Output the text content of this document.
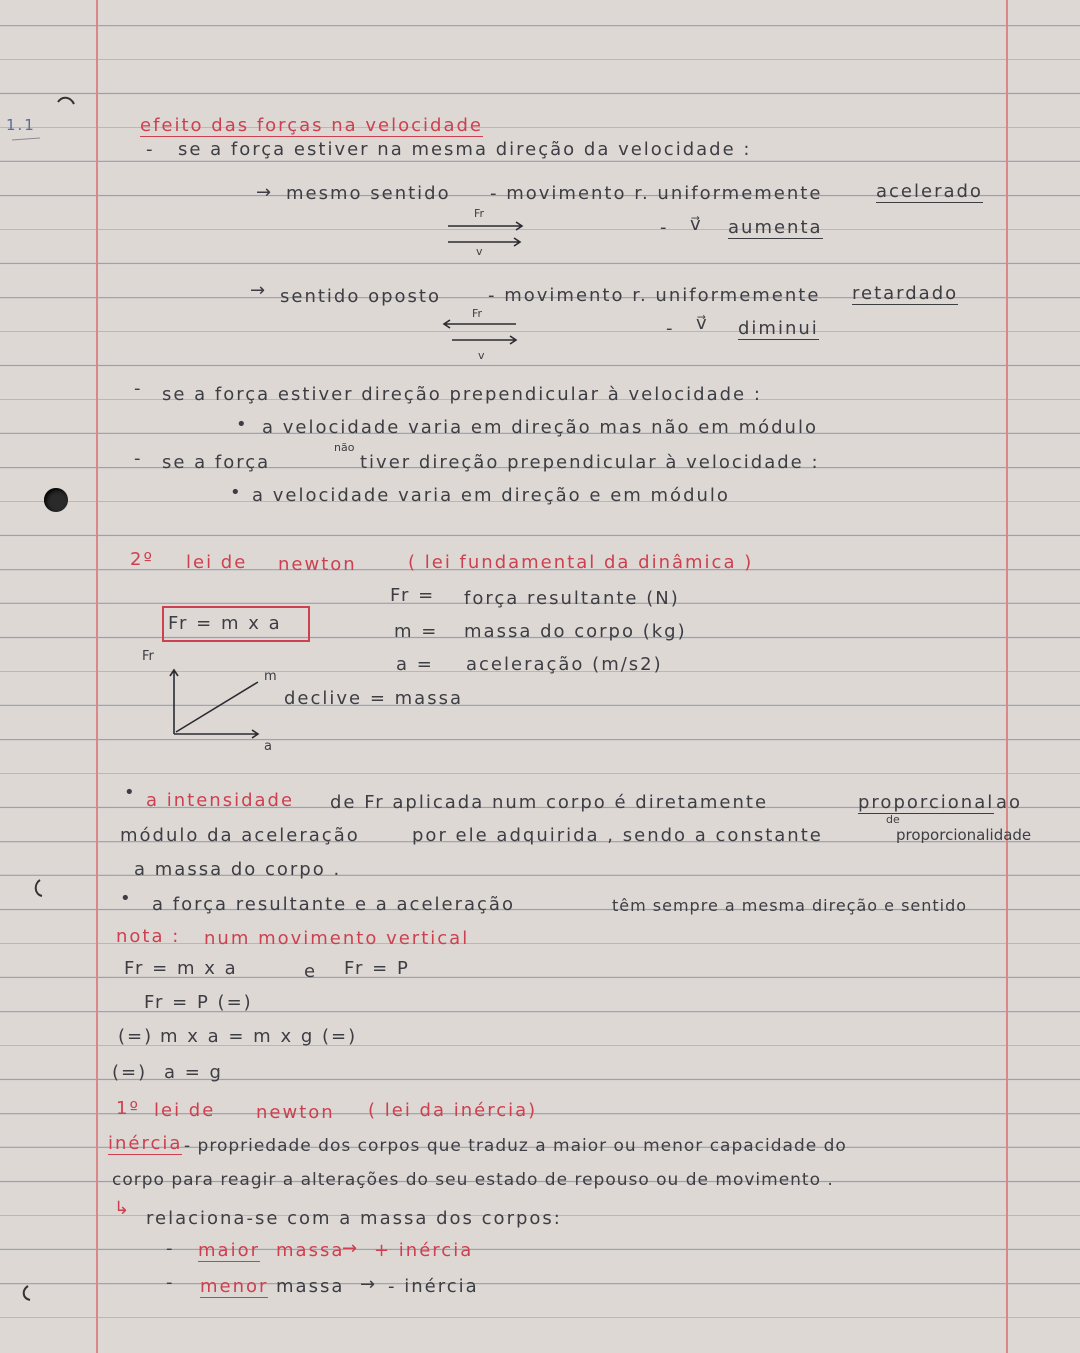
1.1	efeito das forças na velocidade
- se a força estiver na mesma direção da velocidade :
→ mesmo sentido - movimento r. uniformemente	acelerado
Fr
v
- v⃗ aumenta
→ sentido oposto	- movimento r. uniformemente retardado
Fr
- v⃗ diminui
v
- se a força estiver direção prependicular à velocidade :
• a velocidade varia em direção mas não em módulo
- se a força
não
tiver direção prependicular à velocidade :
• a velocidade varia em direção e em módulo
2º lei de newton	( lei fundamental da dinâmica )
Fr = m x a
Fr = força resultante (N)
m = massa do corpo (kg)
a = aceleração (m/s2)
Fr
m
a
declive = massa
• a intensidade de Fr aplicada num corpo é diretamente	proporcional ao
módulo da aceleração	por ele adquirida , sendo a constante
de
proporcionalidade
a massa do corpo .
• a força resultante e a aceleração	têm sempre a mesma direção e sentido
nota : num movimento vertical
Fr = m x a	e Fr = P
Fr = P (=)
(=) m x a = m x g (=)
(=) a = g
1º lei de newton ( lei da inércia)
inércia - propriedade dos corpos que traduz a maior ou menor capacidade do
corpo para reagir a alterações do seu estado de repouso ou de movimento .
↳ relaciona-se com a massa dos corpos:
- maior massa
→ + inércia
- menor massa → - inércia
